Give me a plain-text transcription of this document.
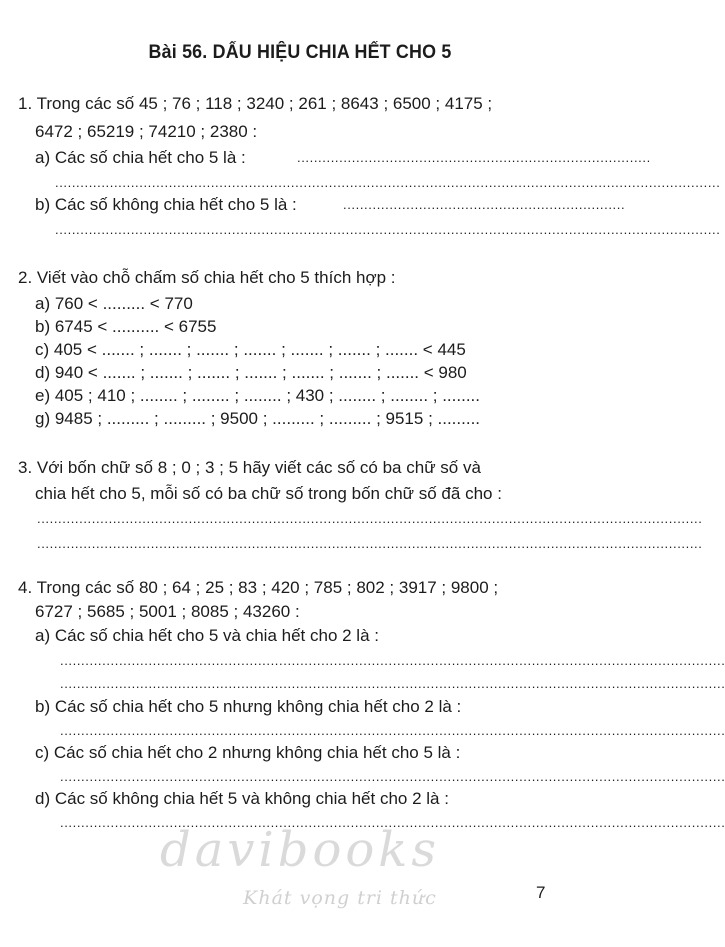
Bài 56. DẤU HIỆU CHIA HẾT CHO 5
1. Trong các số 45 ; 76 ; 118 ; 3240 ; 261 ; 8643 ; 6500 ; 4175 ;
6472 ; 65219 ; 74210 ; 2380 :
a) Các số chia hết cho 5 là :	....................................................................................
..............................................................................................................................................................
b) Các số không chia hết cho 5 là :	...................................................................
..............................................................................................................................................................
2. Viết vào chỗ chấm số chia hết cho 5 thích hợp :
a) 760 < ......... < 770
b) 6745 < .......... < 6755
c) 405 < ....... ; ....... ; ....... ; ....... ; ....... ; ....... ; ....... < 445
d) 940 < ....... ; ....... ; ....... ; ....... ; ....... ; ....... ; ....... < 980
e) 405 ; 410 ; ........ ; ........ ; ........ ; 430 ; ........ ; ........ ; ........
g) 9485 ; ......... ; ......... ; 9500 ; ......... ; ......... ; 9515 ; .........
3. Với bốn chữ số 8 ; 0 ; 3 ; 5 hãy viết các số có ba chữ số và
chia hết cho 5, mỗi số có ba chữ số trong bốn chữ số đã cho :
..............................................................................................................................................................
..............................................................................................................................................................
4. Trong các số 80 ; 64 ; 25 ; 83 ; 420 ; 785 ; 802 ; 3917 ; 9800 ;
6727 ; 5685 ; 5001 ; 8085 ; 43260 :
a) Các số chia hết cho 5 và chia hết cho 2 là :
..............................................................................................................................................................
..............................................................................................................................................................
b) Các số chia hết cho 5 nhưng không chia hết cho 2 là :
..............................................................................................................................................................
c) Các số chia hết cho 2 nhưng không chia hết cho 5 là :
..............................................................................................................................................................
d) Các số không chia hết 5 và không chia hết cho 2 là :
..............................................................................................................................................................
davibooks
Khát vọng tri thức	7
